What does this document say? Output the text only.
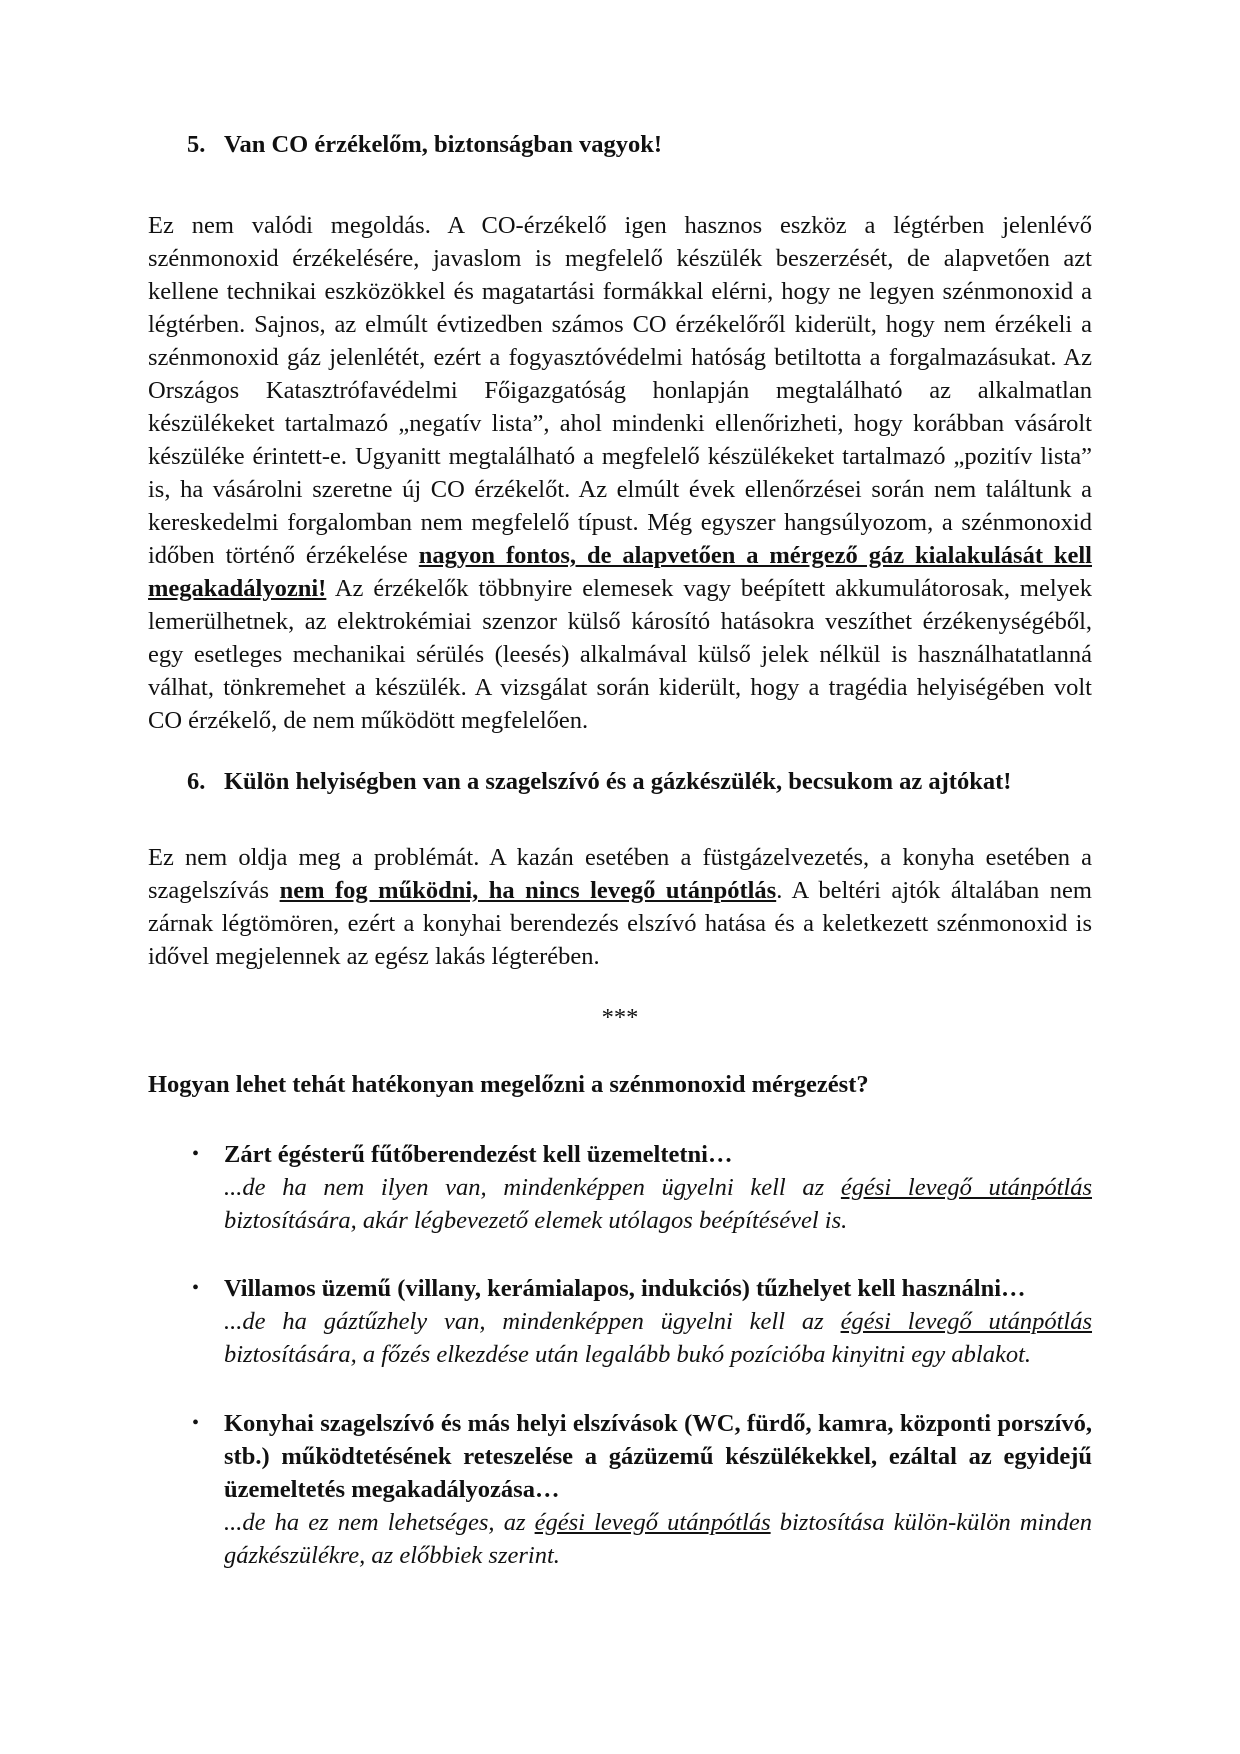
5. Van CO érzékelőm, biztonságban vagyok!

Ez nem valódi megoldás. A CO-érzékelő igen hasznos eszköz a légtérben jelenlévő szénmonoxid érzékelésére, javaslom is megfelelő készülék beszerzését, de alapvetően azt kellene technikai eszközökkel és magatartási formákkal elérni, hogy ne legyen szénmonoxid a légtérben. Sajnos, az elmúlt évtizedben számos CO érzékelőről kiderült, hogy nem érzékeli a szénmonoxid gáz jelenlétét, ezért a fogyasztóvédelmi hatóság betiltotta a forgalmazásukat. Az Országos Katasztrófavédelmi Főigazgatóság honlapján megtalálható az alkalmatlan készülékeket tartalmazó „negatív lista”, ahol mindenki ellenőrizheti, hogy korábban vásárolt készüléke érintett-e. Ugyanitt megtalálható a megfelelő készülékeket tartalmazó „pozitív lista” is, ha vásárolni szeretne új CO érzékelőt. Az elmúlt évek ellenőrzései során nem találtunk a kereskedelmi forgalomban nem megfelelő típust. Még egyszer hangsúlyozom, a szénmonoxid időben történő érzékelése nagyon fontos, de alapvetően a mérgező gáz kialakulását kell megakadályozni! Az érzékelők többnyire elemesek vagy beépített akkumulátorosak, melyek lemerülhetnek, az elektrokémiai szenzor külső károsító hatásokra veszíthet érzékenységéből, egy esetleges mechanikai sérülés (leesés) alkalmával külső jelek nélkül is használhatatlanná válhat, tönkremehet a készülék. A vizsgálat során kiderült, hogy a tragédia helyiségében volt CO érzékelő, de nem működött megfelelően.

6. Külön helyiségben van a szagelszívó és a gázkészülék, becsukom az ajtókat!

Ez nem oldja meg a problémát. A kazán esetében a füstgázelvezetés, a konyha esetében a szagelszívás nem fog működni, ha nincs levegő utánpótlás. A beltéri ajtók általában nem zárnak légtömören, ezért a konyhai berendezés elszívó hatása és a keletkezett szénmonoxid is idővel megjelennek az egész lakás légterében.

***
Hogyan lehet tehát hatékonyan megelőzni a szénmonoxid mérgezést?
• Zárt égésterű fűtőberendezést kell üzemeltetni…
...de ha nem ilyen van, mindenképpen ügyelni kell az égési levegő utánpótlás biztosítására, akár légbevezető elemek utólagos beépítésével is.
• Villamos üzemű (villany, kerámialapos, indukciós) tűzhelyet kell használni…
...de ha gáztűzhely van, mindenképpen ügyelni kell az égési levegő utánpótlás biztosítására, a főzés elkezdése után legalább bukó pozícióba kinyitni egy ablakot.
• Konyhai szagelszívó és más helyi elszívások (WC, fürdő, kamra, központi porszívó, stb.) működtetésének reteszelése a gázüzemű készülékekkel, ezáltal az egyidejű üzemeltetés megakadályozása…
...de ha ez nem lehetséges, az égési levegő utánpótlás biztosítása külön-külön minden gázkészülékre, az előbbiek szerint.
